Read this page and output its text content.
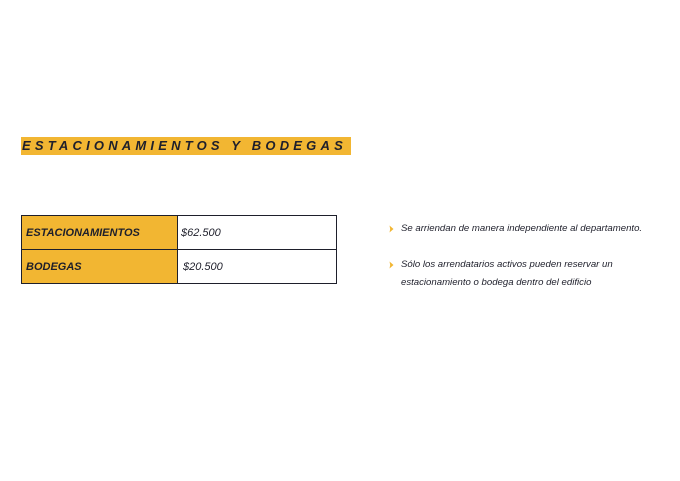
ESTACIONAMIENTOS Y BODEGAS
ESTACIONAMIENTOS	$62.500
BODEGAS	$20.500
Se arriendan de manera independiente al departamento.
Sólo los arrendatarios activos pueden reservar un estacionamiento o bodega dentro del edificio
